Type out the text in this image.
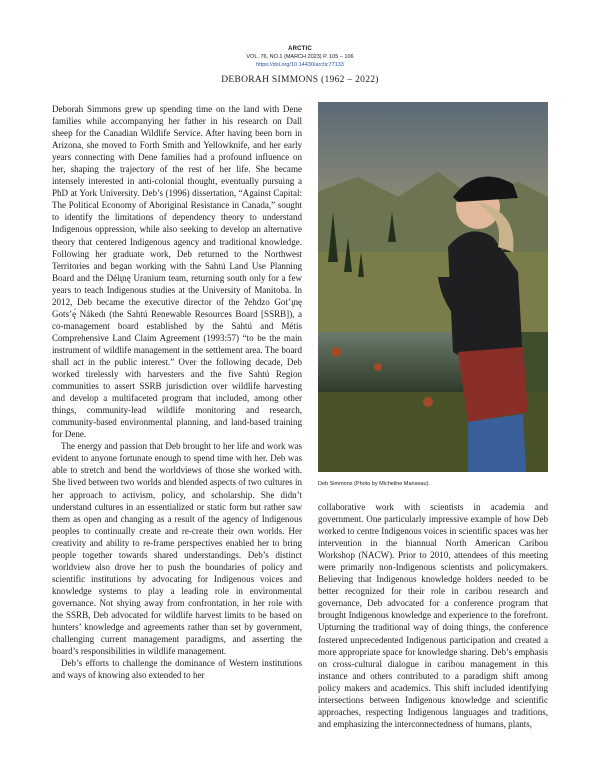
ARCTIC
VOL. 76, NO.1 (MARCH 2023) P. 105 – 106
https://doi.org/10.14430/arctic77133
DEBORAH SIMMONS (1962 – 2022)

Deborah Simmons grew up spending time on the land with Dene families while accompanying her father in his research on Dall sheep for the Canadian Wildlife Service. After having been born in Arizona, she moved to Forth Smith and Yellowknife, and her early years connecting with Dene families had a profound influence on her, shaping the trajectory of the rest of her life. She became intensely interested in anti-colonial thought, eventually pursuing a PhD at York University. Deb’s (1996) dissertation, “Against Capital: The Political Economy of Aboriginal Resistance in Canada,” sought to identify the limitations of dependency theory to understand Indigenous oppression, while also seeking to develop an alternative theory that centered Indigenous agency and traditional knowledge. Following her graduate work, Deb returned to the Northwest Territories and began working with the Sahtú Land Use Planning Board and the Délı̨nę Uranium team, returning south only for a few years to teach Indigenous studies at the University of Manitoba. In 2012, Deb became the executive director of the ʔehdzo Got’ı̨nę Gots’ę́ Nákedı (the Sahtú Renewable Resources Board [SSRB]), a co-management board established by the Sahtú and Métis Comprehensive Land Claim Agreement (1993:57) “to be the main instrument of wildlife management in the settlement area. The board shall act in the public interest.” Over the following decade, Deb worked tirelessly with harvesters and the five Sahtú Region communities to assert SSRB jurisdiction over wildlife harvesting and develop a multifaceted program that included, among other things, community-lead wildlife monitoring and research, community-based environmental planning, and land-based training for Dene.

The energy and passion that Deb brought to her life and work was evident to anyone fortunate enough to spend time with her. Deb was able to stretch and bend the worldviews of those she worked with. She lived between two worlds and blended aspects of two cultures in her approach to activism, policy, and scholarship. She didn’t understand cultures in an essentialized or static form but rather saw them as open and changing as a result of the agency of Indigenous peoples to continually create and re-create their own worlds. Her creativity and ability to re-frame perspectives enabled her to bring people together towards shared understandings. Deb’s distinct worldview also drove her to push the boundaries of policy and scientific institutions by advocating for Indigenous voices and knowledge systems to play a leading role in environmental governance. Not shying away from confrontation, in her role with the SSRB, Deb advocated for wildlife harvest limits to be based on hunters’ knowledge and agreements rather than set by government, challenging current management paradigms, and asserting the board’s responsibilities in wildlife management.

Deb’s efforts to challenge the dominance of Western institutions and ways of knowing also extended to her

Deb Simmons (Photo by Micheline Manseau).

collaborative work with scientists in academia and government. One particularly impressive example of how Deb worked to centre Indigenous voices in scientific spaces was her intervention in the biannual North American Caribou Workshop (NACW). Prior to 2010, attendees of this meeting were primarily non-Indigenous scientists and policymakers. Believing that Indigenous knowledge holders needed to be better recognized for their role in caribou research and governance, Deb advocated for a conference program that brought Indigenous knowledge and experience to the forefront. Upturning the traditional way of doing things, the conference fostered unprecedented Indigenous participation and created a more appropriate space for knowledge sharing. Deb’s emphasis on cross-cultural dialogue in caribou management in this instance and others contributed to a paradigm shift among policy makers and academics. This shift included identifying intersections between Indigenous knowledge and scientific approaches, respecting Indigenous languages and traditions, and emphasizing the interconnectedness of humans, plants,
